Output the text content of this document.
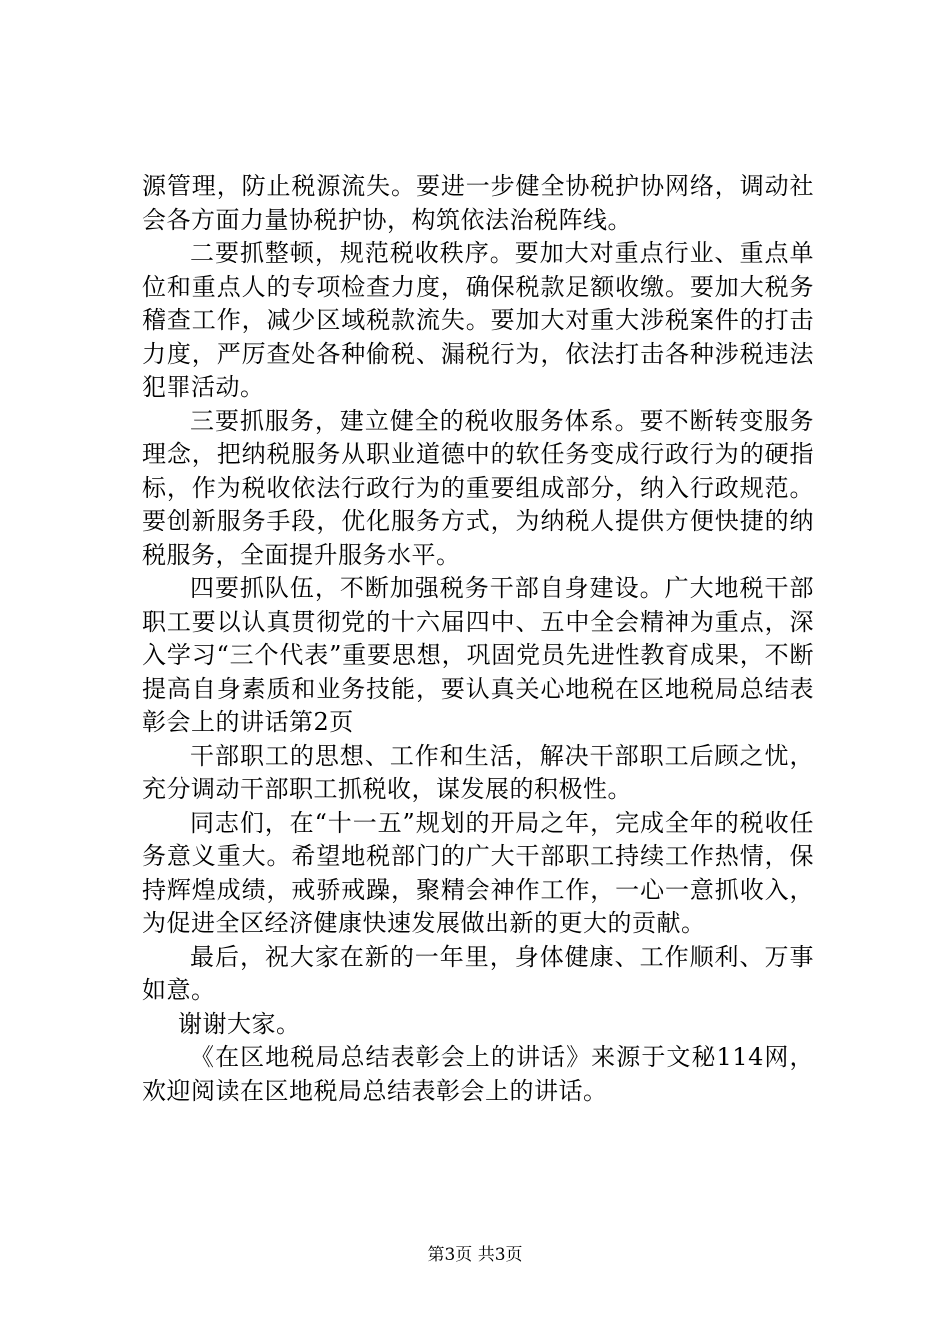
源管理，防止税源流失。要进一步健全协税护协网络，调动社会各方面力量协税护协，构筑依法治税阵线。

二要抓整顿，规范税收秩序。要加大对重点行业、重点单位和重点人的专项检查力度，确保税款足额收缴。要加大税务稽查工作，减少区域税款流失。要加大对重大涉税案件的打击力度，严厉查处各种偷税、漏税行为，依法打击各种涉税违法犯罪活动。

三要抓服务，建立健全的税收服务体系。要不断转变服务理念，把纳税服务从职业道德中的软任务变成行政行为的硬指标，作为税收依法行政行为的重要组成部分，纳入行政规范。要创新服务手段，优化服务方式，为纳税人提供方便快捷的纳税服务，全面提升服务水平。

四要抓队伍，不断加强税务干部自身建设。广大地税干部职工要以认真贯彻党的十六届四中、五中全会精神为重点，深入学习“三个代表”重要思想，巩固党员先进性教育成果，不断提高自身素质和业务技能，要认真关心地税在区地税局总结表彰会上的讲话第2页

干部职工的思想、工作和生活，解决干部职工后顾之忧，充分调动干部职工抓税收，谋发展的积极性。

同志们，在“十一五”规划的开局之年，完成全年的税收任务意义重大。希望地税部门的广大干部职工持续工作热情，保持辉煌成绩，戒骄戒躁，聚精会神作工作，一心一意抓收入，为促进全区经济健康快速发展做出新的更大的贡献。

最后，祝大家在新的一年里，身体健康、工作顺利、万事如意。

谢谢大家。

《在区地税局总结表彰会上的讲话》来源于文秘114网，欢迎阅读在区地税局总结表彰会上的讲话。

第3页 共3页
